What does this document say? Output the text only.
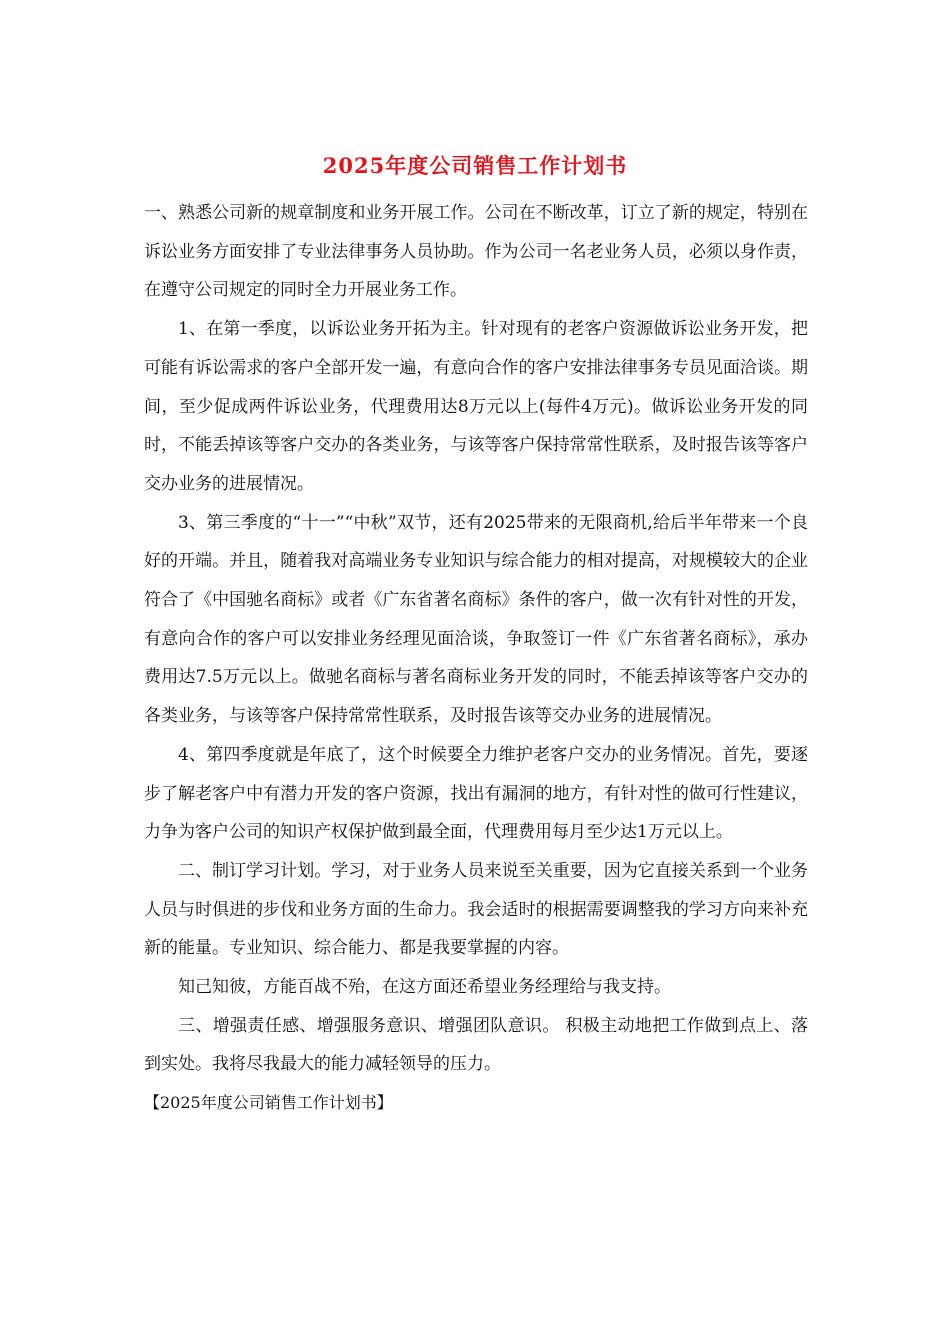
2025年度公司销售工作计划书

一、熟悉公司新的规章制度和业务开展工作。公司在不断改革，订立了新的规定，特别在诉讼业务方面安排了专业法律事务人员协助。作为公司一名老业务人员，必须以身作责，在遵守公司规定的同时全力开展业务工作。

1、在第一季度，以诉讼业务开拓为主。针对现有的老客户资源做诉讼业务开发，把可能有诉讼需求的客户全部开发一遍，有意向合作的客户安排法律事务专员见面洽谈。期间，至少促成两件诉讼业务，代理费用达8万元以上(每件4万元)。做诉讼业务开发的同时，不能丢掉该等客户交办的各类业务，与该等客户保持常常性联系，及时报告该等客户交办业务的进展情况。

3、第三季度的“十一”“中秋”双节，还有2025带来的无限商机,给后半年带来一个良好的开端。并且，随着我对高端业务专业知识与综合能力的相对提高，对规模较大的企业符合了《中国驰名商标》或者《广东省著名商标》条件的客户，做一次有针对性的开发，有意向合作的客户可以安排业务经理见面洽谈，争取签订一件《广东省著名商标》，承办费用达7.5万元以上。做驰名商标与著名商标业务开发的同时，不能丢掉该等客户交办的各类业务，与该等客户保持常常性联系，及时报告该等交办业务的进展情况。

4、第四季度就是年底了，这个时候要全力维护老客户交办的业务情况。首先，要逐步了解老客户中有潜力开发的客户资源，找出有漏洞的地方，有针对性的做可行性建议，力争为客户公司的知识产权保护做到最全面，代理费用每月至少达1万元以上。

二、制订学习计划。学习，对于业务人员来说至关重要，因为它直接关系到一个业务人员与时俱进的步伐和业务方面的生命力。我会适时的根据需要调整我的学习方向来补充新的能量。专业知识、综合能力、都是我要掌握的内容。

知己知彼，方能百战不殆，在这方面还希望业务经理给与我支持。

三、增强责任感、增强服务意识、增强团队意识。 积极主动地把工作做到点上、落到实处。我将尽我最大的能力减轻领导的压力。

【2025年度公司销售工作计划书】
